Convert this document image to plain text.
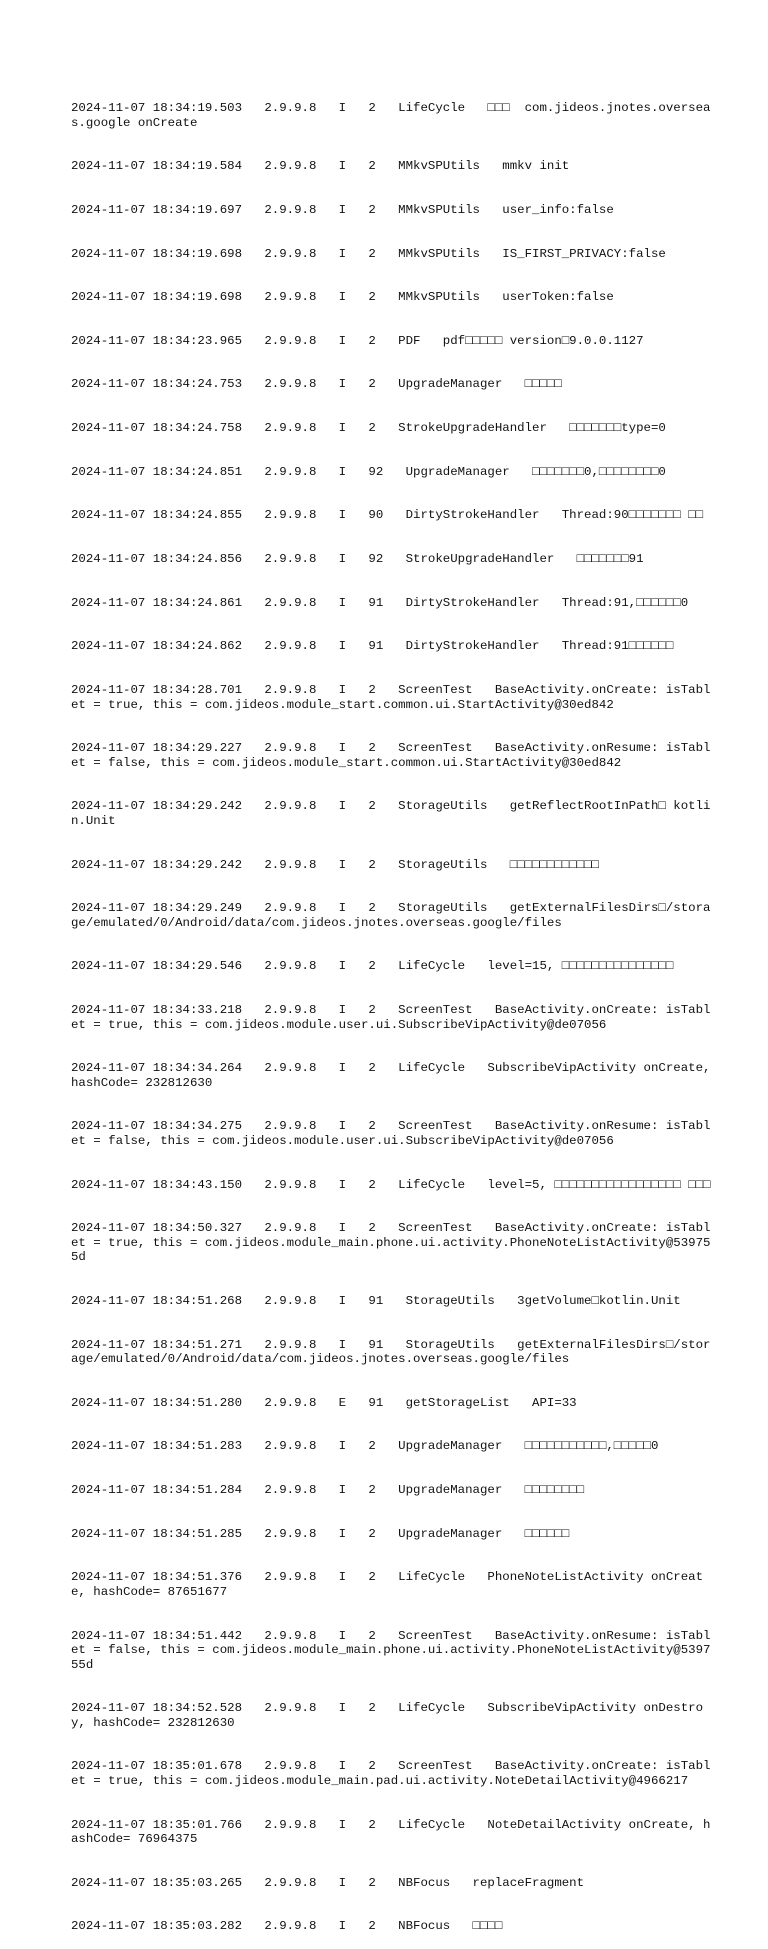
2024-11-07 18:34:19.503   2.9.9.8   I   2   LifeCycle   □□□  com.jideos.jnotes.overseas.google onCreate

2024-11-07 18:34:19.584   2.9.9.8   I   2   MMkvSPUtils   mmkv init

2024-11-07 18:34:19.697   2.9.9.8   I   2   MMkvSPUtils   user_info:false

2024-11-07 18:34:19.698   2.9.9.8   I   2   MMkvSPUtils   IS_FIRST_PRIVACY:false

2024-11-07 18:34:19.698   2.9.9.8   I   2   MMkvSPUtils   userToken:false

2024-11-07 18:34:23.965   2.9.9.8   I   2   PDF   pdf□□□□□ version□9.0.0.1127

2024-11-07 18:34:24.753   2.9.9.8   I   2   UpgradeManager   □□□□□

2024-11-07 18:34:24.758   2.9.9.8   I   2   StrokeUpgradeHandler   □□□□□□□type=0

2024-11-07 18:34:24.851   2.9.9.8   I   92   UpgradeManager   □□□□□□□0,□□□□□□□□0

2024-11-07 18:34:24.855   2.9.9.8   I   90   DirtyStrokeHandler   Thread:90□□□□□□□ □□

2024-11-07 18:34:24.856   2.9.9.8   I   92   StrokeUpgradeHandler   □□□□□□□91

2024-11-07 18:34:24.861   2.9.9.8   I   91   DirtyStrokeHandler   Thread:91,□□□□□□0

2024-11-07 18:34:24.862   2.9.9.8   I   91   DirtyStrokeHandler   Thread:91□□□□□□

2024-11-07 18:34:28.701   2.9.9.8   I   2   ScreenTest   BaseActivity.onCreate: isTablet = true, this = com.jideos.module_start.common.ui.StartActivity@30ed842

2024-11-07 18:34:29.227   2.9.9.8   I   2   ScreenTest   BaseActivity.onResume: isTablet = false, this = com.jideos.module_start.common.ui.StartActivity@30ed842

2024-11-07 18:34:29.242   2.9.9.8   I   2   StorageUtils   getReflectRootInPath□ kotlin.Unit

2024-11-07 18:34:29.242   2.9.9.8   I   2   StorageUtils   □□□□□□□□□□□□

2024-11-07 18:34:29.249   2.9.9.8   I   2   StorageUtils   getExternalFilesDirs□/storage/emulated/0/Android/data/com.jideos.jnotes.overseas.google/files

2024-11-07 18:34:29.546   2.9.9.8   I   2   LifeCycle   level=15, □□□□□□□□□□□□□□□

2024-11-07 18:34:33.218   2.9.9.8   I   2   ScreenTest   BaseActivity.onCreate: isTablet = true, this = com.jideos.module.user.ui.SubscribeVipActivity@de07056

2024-11-07 18:34:34.264   2.9.9.8   I   2   LifeCycle   SubscribeVipActivity onCreate, hashCode= 232812630

2024-11-07 18:34:34.275   2.9.9.8   I   2   ScreenTest   BaseActivity.onResume: isTablet = false, this = com.jideos.module.user.ui.SubscribeVipActivity@de07056

2024-11-07 18:34:43.150   2.9.9.8   I   2   LifeCycle   level=5, □□□□□□□□□□□□□□□□□ □□□

2024-11-07 18:34:50.327   2.9.9.8   I   2   ScreenTest   BaseActivity.onCreate: isTablet = true, this = com.jideos.module_main.phone.ui.activity.PhoneNoteListActivity@539755d

2024-11-07 18:34:51.268   2.9.9.8   I   91   StorageUtils   3getVolume□kotlin.Unit

2024-11-07 18:34:51.271   2.9.9.8   I   91   StorageUtils   getExternalFilesDirs□/storage/emulated/0/Android/data/com.jideos.jnotes.overseas.google/files

2024-11-07 18:34:51.280   2.9.9.8   E   91   getStorageList   API=33

2024-11-07 18:34:51.283   2.9.9.8   I   2   UpgradeManager   □□□□□□□□□□□,□□□□□0

2024-11-07 18:34:51.284   2.9.9.8   I   2   UpgradeManager   □□□□□□□□

2024-11-07 18:34:51.285   2.9.9.8   I   2   UpgradeManager   □□□□□□

2024-11-07 18:34:51.376   2.9.9.8   I   2   LifeCycle   PhoneNoteListActivity onCreate, hashCode= 87651677

2024-11-07 18:34:51.442   2.9.9.8   I   2   ScreenTest   BaseActivity.onResume: isTablet = false, this = com.jideos.module_main.phone.ui.activity.PhoneNoteListActivity@539755d

2024-11-07 18:34:52.528   2.9.9.8   I   2   LifeCycle   SubscribeVipActivity onDestroy, hashCode= 232812630

2024-11-07 18:35:01.678   2.9.9.8   I   2   ScreenTest   BaseActivity.onCreate: isTablet = true, this = com.jideos.module_main.pad.ui.activity.NoteDetailActivity@4966217

2024-11-07 18:35:01.766   2.9.9.8   I   2   LifeCycle   NoteDetailActivity onCreate, hashCode= 76964375

2024-11-07 18:35:03.265   2.9.9.8   I   2   NBFocus   replaceFragment

2024-11-07 18:35:03.282   2.9.9.8   I   2   NBFocus   □□□□
